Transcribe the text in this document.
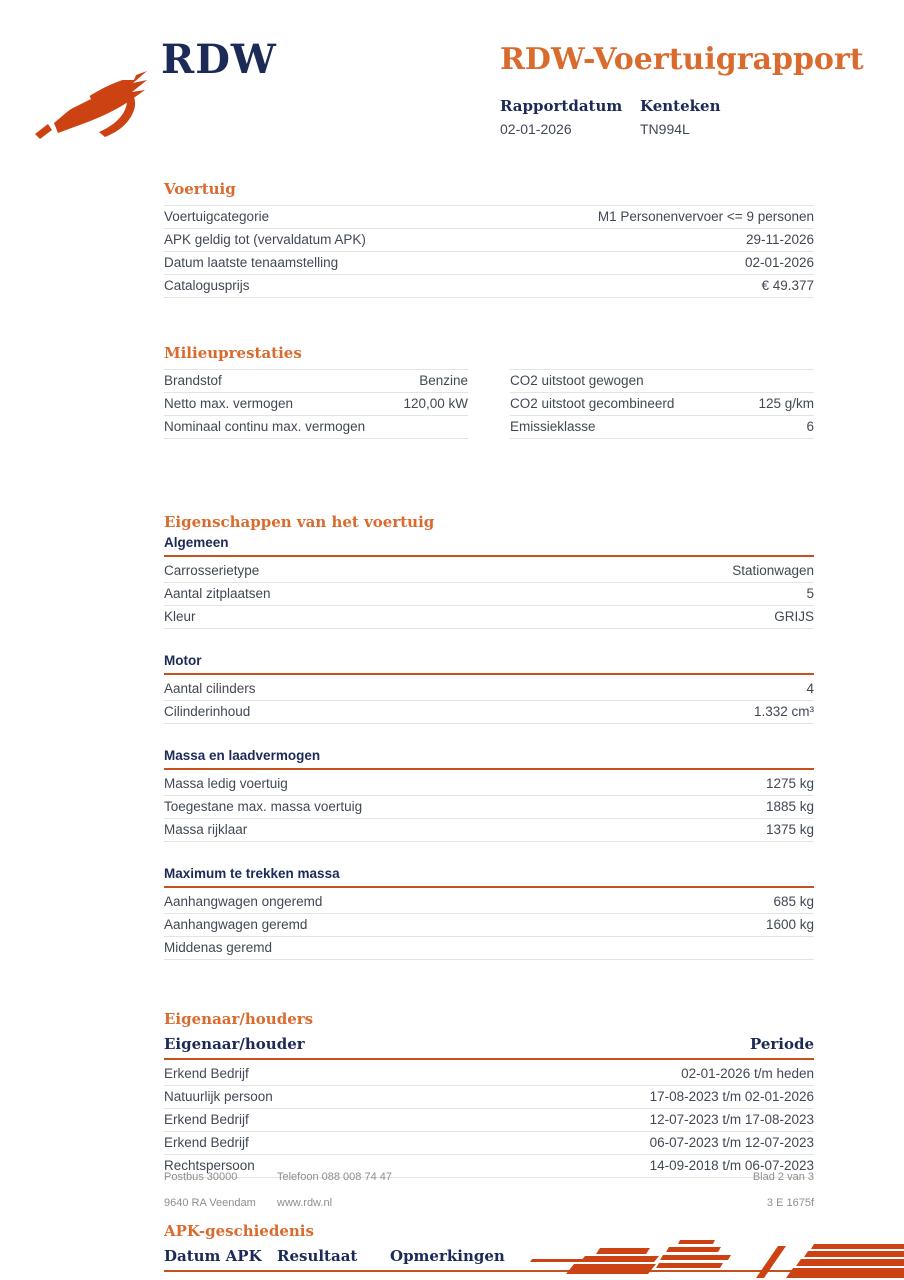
RDW	RDW-Voertuigrapport
Rapportdatum
02-01-2026
Kenteken
TN994L
Voertuig
Voertuigcategorie	M1 Personenvervoer <= 9 personen
APK geldig tot (vervaldatum APK)	29-11-2026
Datum laatste tenaamstelling	02-01-2026
Catalogusprijs	€ 49.377
Milieuprestaties
Brandstof	Benzine
Netto max. vermogen	120,00 kW
Nominaal continu max. vermogen
CO2 uitstoot gewogen
CO2 uitstoot gecombineerd	125 g/km
Emissieklasse	6
Eigenschappen van het voertuig
Algemeen
Carrosserietype	Stationwagen
Aantal zitplaatsen	5
Kleur	GRIJS
Motor
Aantal cilinders	4
Cilinderinhoud	1.332 cm³
Massa en laadvermogen
Massa ledig voertuig	1275 kg
Toegestane max. massa voertuig	1885 kg
Massa rijklaar	1375 kg
Maximum te trekken massa
Aanhangwagen ongeremd	685 kg
Aanhangwagen geremd	1600 kg
Middenas geremd
Eigenaar/houders
Eigenaar/houder	Periode
Erkend Bedrijf	02-01-2026 t/m heden
Natuurlijk persoon	17-08-2023 t/m 02-01-2026
Erkend Bedrijf	12-07-2023 t/m 17-08-2023
Erkend Bedrijf	06-07-2023 t/m 12-07-2023
Rechtspersoon	14-09-2018 t/m 06-07-2023
APK-geschiedenis
Datum APK	Resultaat	Opmerkingen
Postbus 30000	Telefoon 088 008 74 47	Blad 2 van 3
9640 RA Veendam	www.rdw.nl	3 E 1675f
